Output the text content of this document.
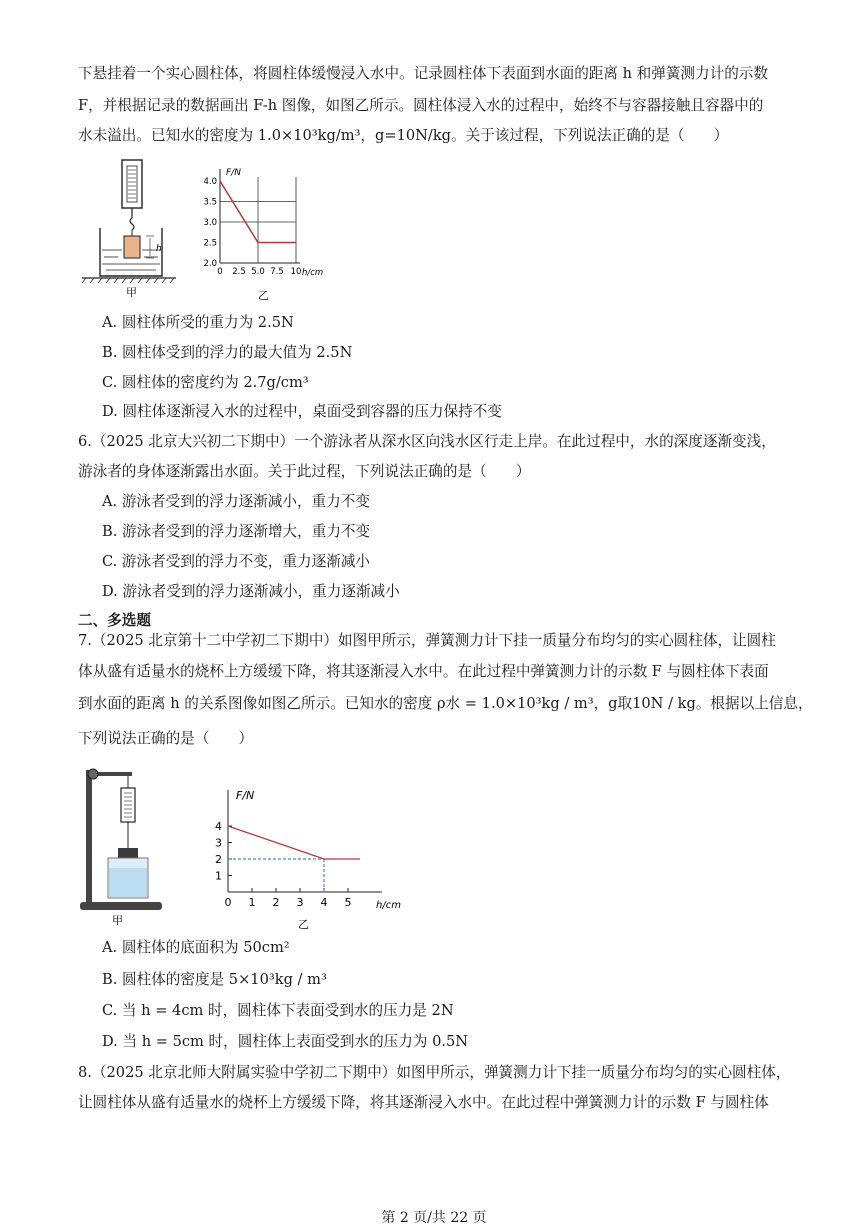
下悬挂着一个实心圆柱体，将圆柱体缓慢浸入水中。记录圆柱体下表面到水面的距离 h 和弹簧测力计的示数
F，并根据记录的数据画出 F-h 图像，如图乙所示。圆柱体浸入水的过程中，始终不与容器接触且容器中的
水未溢出。已知水的密度为 1.0×10³kg/m³，g=10N/kg。关于该过程，下列说法正确的是（　　）
h
甲
F/N
h/cm
4.0
3.5
3.0
2.5
2.0
0 2.5 5.0 7.5 10
乙
A. 圆柱体所受的重力为 2.5N
B. 圆柱体受到的浮力的最大值为 2.5N
C. 圆柱体的密度约为 2.7g/cm³
D. 圆柱体逐渐浸入水的过程中，桌面受到容器的压力保持不变
6.（2025 北京大兴初二下期中）一个游泳者从深水区向浅水区行走上岸。在此过程中，水的深度逐渐变浅，
游泳者的身体逐渐露出水面。关于此过程，下列说法正确的是（　　）
A. 游泳者受到的浮力逐渐减小，重力不变
B. 游泳者受到的浮力逐渐增大，重力不变
C. 游泳者受到的浮力不变，重力逐渐减小
D. 游泳者受到的浮力逐渐减小，重力逐渐减小
二、多选题
7.（2025 北京第十二中学初二下期中）如图甲所示，弹簧测力计下挂一质量分布均匀的实心圆柱体，让圆柱
体从盛有适量水的烧杯上方缓缓下降，将其逐渐浸入水中。在此过程中弹簧测力计的示数 F 与圆柱体下表面
到水面的距离 h 的关系图像如图乙所示。已知水的密度 ρ水 = 1.0×10³kg / m³，g取10N / kg。根据以上信息，
下列说法正确的是（　　）
甲
F/N
h/cm
4
3
2
1
0 1 2 3 4 5
乙
A. 圆柱体的底面积为 50cm²
B. 圆柱体的密度是 5×10³kg / m³
C. 当 h = 4cm 时，圆柱体下表面受到水的压力是 2N
D. 当 h = 5cm 时，圆柱体上表面受到水的压力为 0.5N
8.（2025 北京北师大附属实验中学初二下期中）如图甲所示，弹簧测力计下挂一质量分布均匀的实心圆柱体，
让圆柱体从盛有适量水的烧杯上方缓缓下降，将其逐渐浸入水中。在此过程中弹簧测力计的示数 F 与圆柱体
第 2 页/共 22 页
